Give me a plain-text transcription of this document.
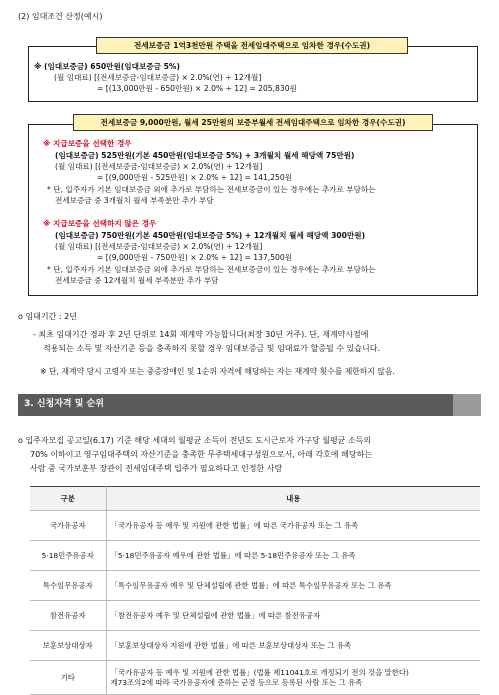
(2) 임대조건 산정(예시)
전세보증금 1억3천만원 주택을 전세임대주택으로 임차한 경우(수도권)
※ (임대보증금) 650만원(임대보증금 5%)
(월 임대료) [(전세보증금-임대보증금) × 2.0%(연) ÷ 12개월]
= [(13,000만원 - 650만원) × 2.0% ÷ 12] = 205,830원
전세보증금 9,000만원, 월세 25만원의 보증부월세 전세임대주택으로 임차한 경우(수도권)
※ 지급보증을 선택한 경우
(임대보증금) 525만원(기본 450만원(임대보증금 5%) + 3개월치 월세 해당액 75만원)
(월 임대료) [(전세보증금-임대보증금) × 2.0%(연) ÷ 12개월]
= [(9,000만원 - 525만원) × 2.0% ÷ 12] = 141,250원
* 단, 입주자가 기본 임대보증금 외에 추가로 부담하는 전세보증금이 있는 경우에는 추가로 부담하는
전세보증금 중 3개월치 월세 부족분만 추가 부담
※ 지급보증을 선택하지 않은 경우
(임대보증금) 750만원(기본 450만원(임대보증금 5%) + 12개월치 월세 해당액 300만원)
(월 임대료) [(전세보증금-임대보증금) × 2.0%(연) ÷ 12개월]
= [(9,000만원 - 750만원) × 2.0% ÷ 12] = 137,500원
* 단, 입주자가 기본 임대보증금 외에 추가로 부담하는 전세보증금이 있는 경우에는 추가로 부담하는
전세보증금 중 12개월치 월세 부족분만 추가 부담
o 임대기간 : 2년
- 최초 임대기간 경과 후 2년 단위로 14회 재계약 가능합니다(최장 30년 거주). 단, 재계약시점에
적용되는 소득 및 자산기준 등을 충족하지 못할 경우 임대보증금 및 임대료가 할증될 수 있습니다.
※ 단, 재계약 당시 고령자 또는 중증장애인 및 1순위 자격에 해당하는 자는 재계약 횟수를 제한하지 않음.
3. 신청자격 및 순위
o 입주자모집 공고일(6.17) 기준 해당 세대의 월평균 소득이 전년도 도시근로자 가구당 월평균 소득의
70% 이하이고 영구임대주택의 자산기준을 충족한 무주택세대구성원으로서, 아래 각호에 해당하는
사람 중 국가보훈부 장관이 전세임대주택 입주가 필요하다고 인정한 사람
구분	내용
국가유공자	「국가유공자 등 예우 및 지원에 관한 법률」에 따른 국가유공자 또는 그 유족
5·18민주유공자	「5·18민주유공자 예우에 관한 법률」에 따른 5·18민주유공자 또는 그 유족
특수임무유공자	「특수임무유공자 예우 및 단체설립에 관한 법률」에 따른 특수임무유공자 또는 그 유족
참전유공자	「참전유공자 예우 및 단체설립에 관한 법률」에 따른 참전유공자
보훈보상대상자	「보훈보상대상자 지원에 관한 법률」에 따른 보훈보상대상자 또는 그 유족
기타	「국가유공자 등 예우 및 지원에 관한 법률」(법률 제11041호로 개정되기 전의 것을 말한다)
제73조의2에 따라 국가유공자에 준하는 군경 등으로 등록된 사람 또는 그 유족
